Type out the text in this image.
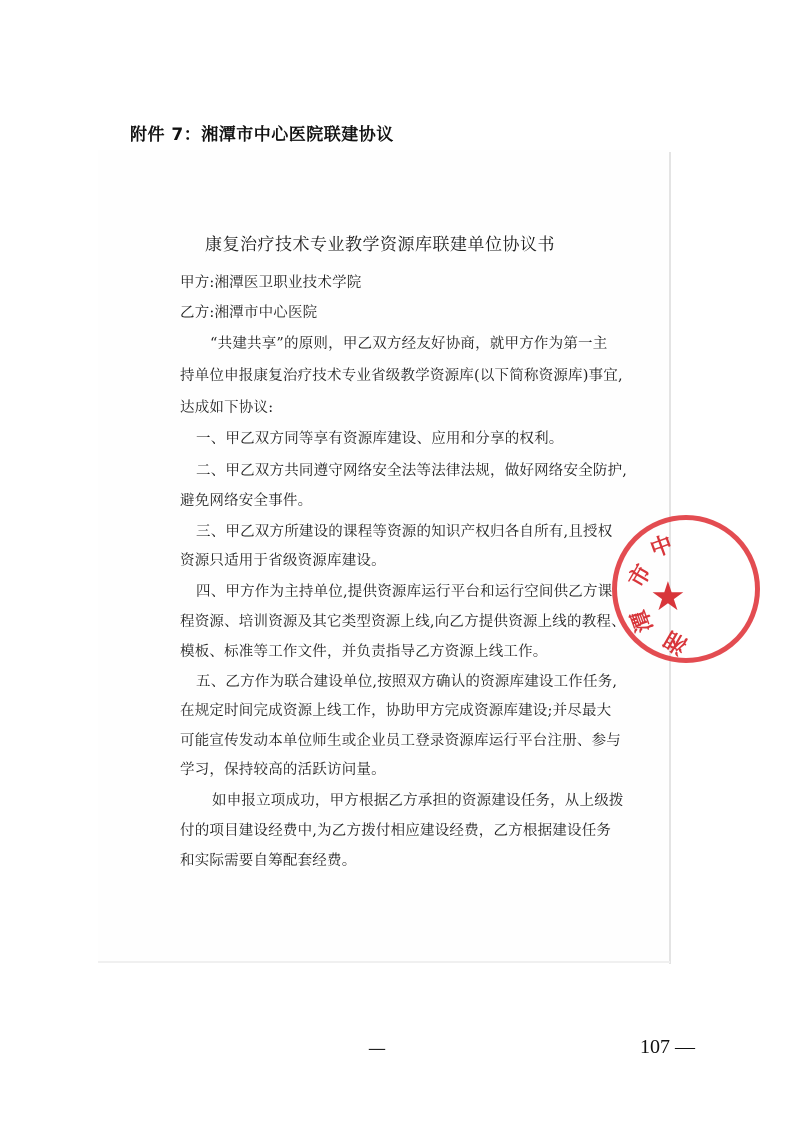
附件 7：湘潭市中心医院联建协议
康复治疗技术专业教学资源库联建单位协议书
甲方:湘潭医卫职业技术学院
乙方:湘潭市中心医院
“共建共享”的原则，甲乙双方经友好协商，就甲方作为第一主
持单位申报康复治疗技术专业省级教学资源库(以下简称资源库)事宜,
达成如下协议:
一、甲乙双方同等享有资源库建设、应用和分享的权利。
二、甲乙双方共同遵守网络安全法等法律法规，做好网络安全防护,
避免网络安全事件。
三、甲乙双方所建设的课程等资源的知识产权归各自所有,且授权
资源只适用于省级资源库建设。
四、甲方作为主持单位,提供资源库运行平台和运行空间供乙方课
程资源、培训资源及其它类型资源上线,向乙方提供资源上线的教程、
模板、标准等工作文件，并负责指导乙方资源上线工作。
五、乙方作为联合建设单位,按照双方确认的资源库建设工作任务,
在规定时间完成资源上线工作，协助甲方完成资源库建设;并尽最大
可能宣传发动本单位师生或企业员工登录资源库运行平台注册、参与
学习，保持较高的活跃访问量。
如申报立项成功，甲方根据乙方承担的资源建设任务，从上级拨
付的项目建设经费中,为乙方拨付相应建设经费，乙方根据建设任务
和实际需要自筹配套经费。
中
市
潭
湘
★
—	107 —
